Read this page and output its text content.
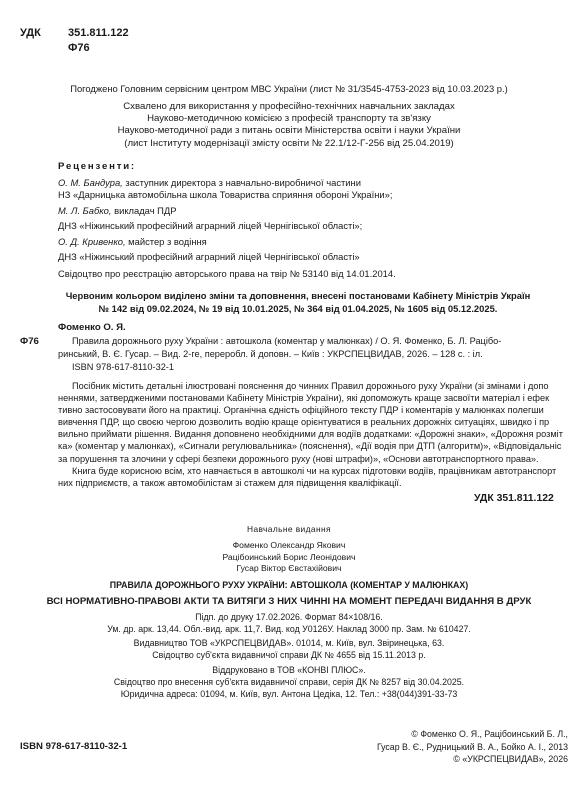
УДК 351.811.122
Ф76
Погоджено Головним сервісним центром МВС України (лист № 31/3545-4753-2023 від 10.03.2023 р.)

Схвалено для використання у професійно-технічних навчальних закладах

Науково-методичною комісією з професій транспорту та зв'язку

Науково-методичної ради з питань освіти Міністерства освіти і науки України

(лист Інституту модернізації змісту освіти № 22.1/12-Г-256 від 25.04.2019)

Рецензенти:

О. М. Бандура, заступник директора з навчально-виробничої частини

НЗ «Дарницька автомобільна школа Товариства сприяння обороні України»;

М. Л. Бабко, викладач ПДР

ДНЗ «Ніжинський професійний аграрний ліцей Чернігівської області»;

О. Д. Кривенко, майстер з водіння

ДНЗ «Ніжинський професійний аграрний ліцей Чернігівської області»

Свідоцтво про реєстрацію авторського права на твір № 53140 від 14.01.2014.

Червоним кольором виділено зміни та доповнення, внесені постановами Кабінету Міністрів Україн

№ 142 від 09.02.2024, № 19 від 10.01.2025, № 364 від 01.04.2025, № 1605 від 05.12.2025.

Ф76
Фоменко О. Я.

Правила дорожнього руху України : автошкола (коментар у малюнках) / О. Я. Фоменко, Б. Л. Рацібо-

ринський, В. Є. Гусар. – Вид. 2-ге, переробл. й доповн. – Київ : УКРСПЕЦВИДАВ, 2026. – 128 с. : іл.

ISBN 978-617-8110-32-1

Посібник містить детальні ілюстровані пояснення до чинних Правил дорожнього руху України (зі змінами і допо

неннями, затвердженими постановами Кабінету Міністрів України), які допоможуть краще засвоїти матеріал і ефек

тивно застосовувати його на практиці. Органічна єдність офіційного тексту ПДР і коментарів у малюнках полегши

вивчення ПДР, що своєю чергою дозволить водію краще орієнтуватися в реальних дорожніх ситуаціях, швидко і пр

вильно приймати рішення. Видання доповнено необхідними для водіїв додатками: «Дорожні знаки», «Дорожня розміт

ка» (коментар у малюнках), «Сигнали регулювальника» (пояснення), «Дії водія при ДТП (алгоритм)», «Відповідальніс

за порушення та злочини у сфері безпеки дорожнього руху (нові штрафи)», «Основи автотранспортного права».

Книга буде корисною всім, хто навчається в автошколі чи на курсах підготовки водіїв, працівникам автотранспорт

них підприємств, а також автомобілістам зі стажем для підвищення кваліфікації.

УДК 351.811.122
Навчальне видання

Фоменко Олександр Якович

Рацібоинський Борис Леонідович

Гусар Віктор Євстахійович

ПРАВИЛА ДОРОЖНЬОГО РУХУ УКРАЇНИ: АВТОШКОЛА (КОМЕНТАР У МАЛЮНКАХ)
ВСІ НОРМАТИВНО-ПРАВОВІ АКТИ ТА ВИТЯГИ З НИХ ЧИННІ НА МОМЕНТ ПЕРЕДАЧІ ВИДАННЯ В ДРУК

Підп. до друку 17.02.2026. Формат 84×108/16.

Ум. др. арк. 13,44. Обл.-вид. арк. 11,7. Вид. код У0126У. Наклад 3000 пр. Зам. № 610427.

Видавництво ТОВ «УКРСПЕЦВИДАВ». 01014, м. Київ, вул. Звіринецька, 63.

Свідоцтво суб'єкта видавничої справи ДК № 4655 від 15.11.2013 р.

Віддруковано в ТОВ «КОНВІ ПЛЮС».

Свідоцтво про внесення суб'єкта видавничої справи, серія ДК № 8257 від 30.04.2025.

Юридична адреса: 01094, м. Київ, вул. Антона Цедіка, 12. Тел.: +38(044)391-33-73

ISBN 978-617-8110-32-1

© Фоменко О. Я., Рацібоинський Б. Л.,

Гусар В. Є., Рудницький В. А., Бойко А. І., 2013

© «УКРСПЕЦВИДАВ», 2026
